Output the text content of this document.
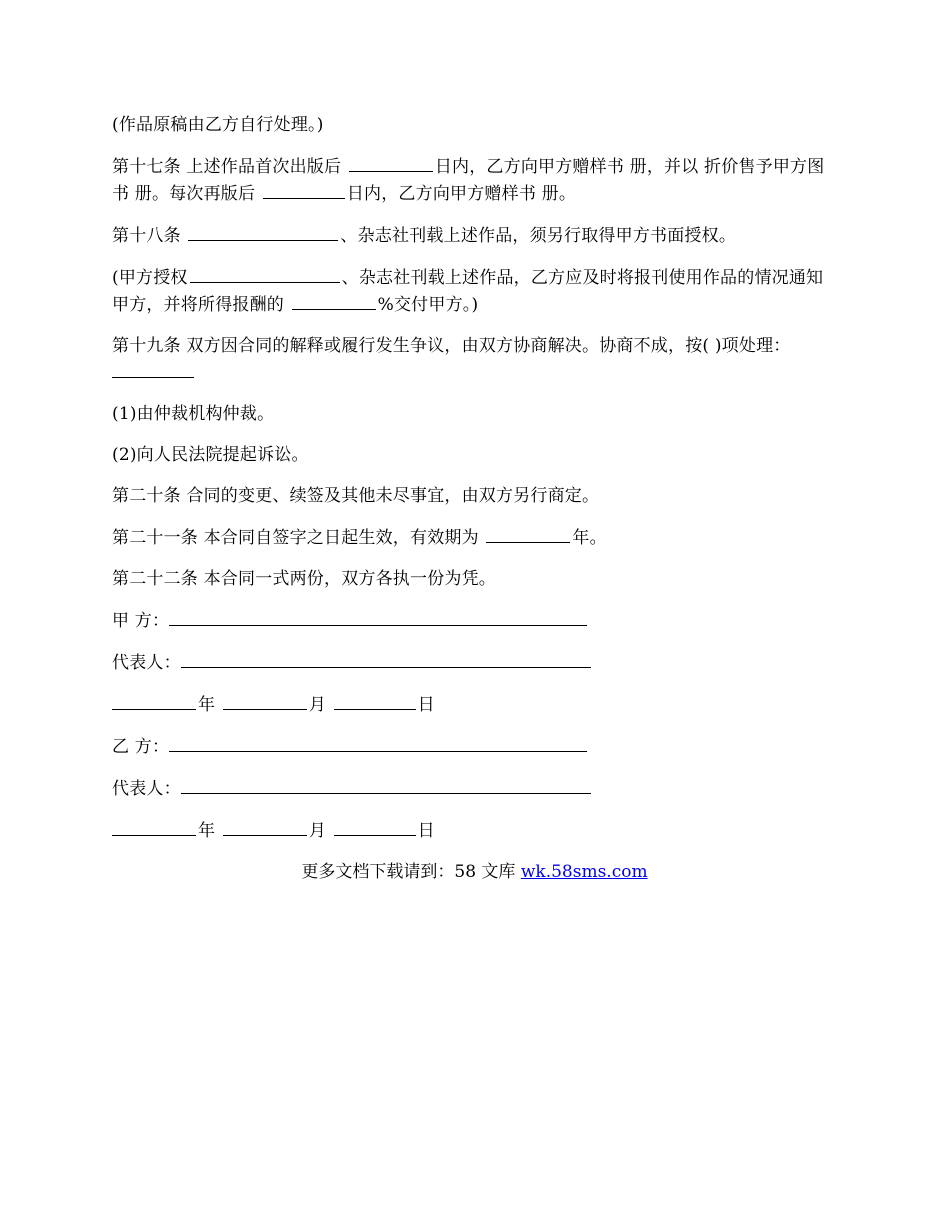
(作品原稿由乙方自行处理。)

第十七条 上述作品首次出版后	日内，乙方向甲方赠样书 册，并以 折价售予甲方图书 册。每次再版后	日内，乙方向甲方赠样书 册。

第十八条	、杂志社刊载上述作品，须另行取得甲方书面授权。

(甲方授权	、杂志社刊载上述作品，乙方应及时将报刊使用作品的情况通知甲方，并将所得报酬的	%交付甲方。)

第十九条 双方因合同的解释或履行发生争议，由双方协商解决。协商不成，按( )项处理：

(1)由仲裁机构仲裁。

(2)向人民法院提起诉讼。

第二十条 合同的变更、续签及其他未尽事宜，由双方另行商定。

第二十一条 本合同自签字之日起生效，有效期为	年。

第二十二条 本合同一式两份，双方各执一份为凭。

甲 方：

代表人：

年	月	日

乙 方：

代表人：

年	月	日

更多文档下载请到：58 文库 wk.58sms.com
